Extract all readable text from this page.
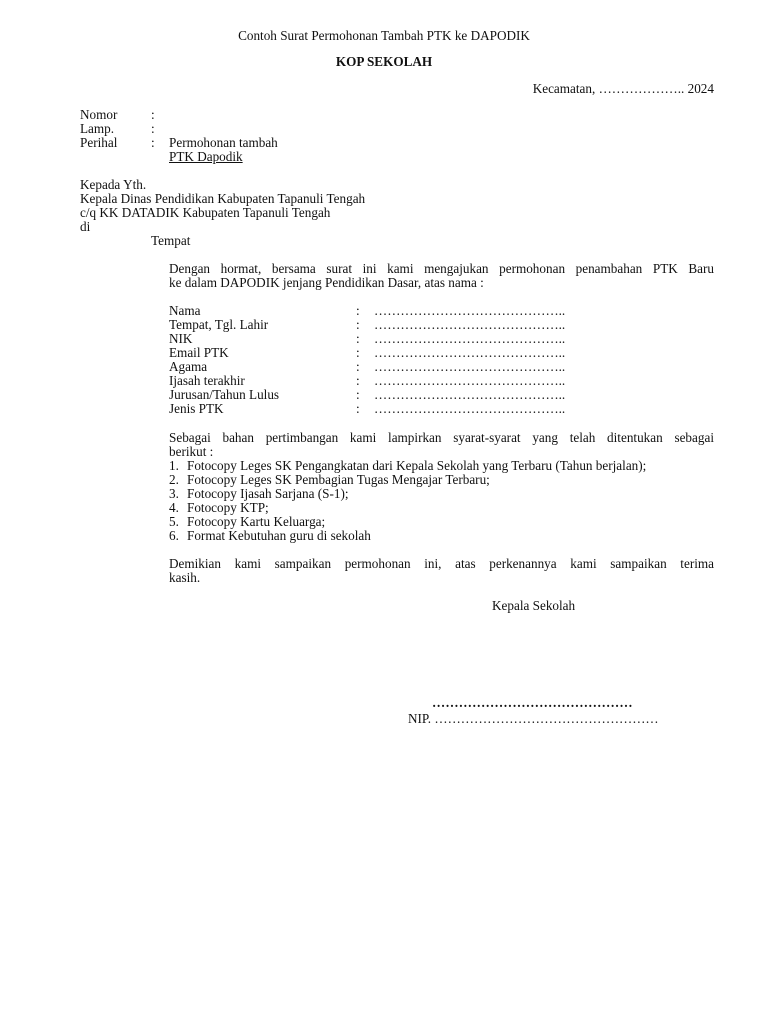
Contoh Surat Permohonan Tambah PTK ke DAPODIK
KOP SEKOLAH
Kecamatan, ……………….. 2024
Nomor	:
Lamp.	:
Perihal	: Permohonan tambah
PTK Dapodik
Kepada Yth.
Kepala Dinas Pendidikan Kabupaten Tapanuli Tengah
c/q KK DATADIK Kabupaten Tapanuli Tengah
di
Tempat
Dengan hormat, bersama surat ini kami mengajukan permohonan penambahan PTK Baru
ke dalam DAPODIK jenjang Pendidikan Dasar, atas nama :
Nama	: ……………………………………..
Tempat, Tgl. Lahir	: ……………………………………..
NIK	: ……………………………………..
Email PTK	: ……………………………………..
Agama	: ……………………………………..
Ijasah terakhir	: ……………………………………..
Jurusan/Tahun Lulus	: ……………………………………..
Jenis PTK	: ……………………………………..
Sebagai bahan pertimbangan kami lampirkan syarat-syarat yang telah ditentukan sebagai
berikut :
1. Fotocopy Leges SK Pengangkatan dari Kepala Sekolah yang Terbaru (Tahun berjalan);
2. Fotocopy Leges SK Pembagian Tugas Mengajar Terbaru;
3. Fotocopy Ijasah Sarjana (S-1);
4. Fotocopy KTP;
5. Fotocopy Kartu Keluarga;
6. Format Kebutuhan guru di sekolah
Demikian kami sampaikan permohonan ini, atas perkenannya kami sampaikan terima
kasih.
Kepala Sekolah
………………………………………
NIP. ……………………………………………
